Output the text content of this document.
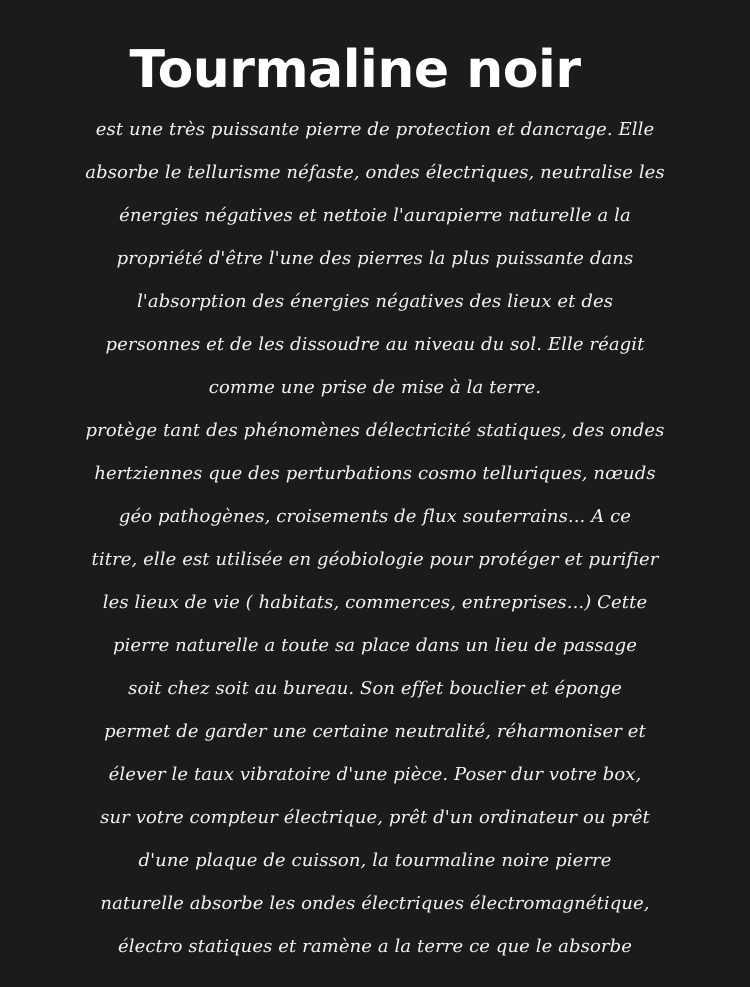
Tourmaline noir
est une très puissante pierre de protection et dancrage. Elle
absorbe le tellurisme néfaste, ondes électriques, neutralise les
énergies négatives et nettoie l'aurapierre naturelle a la
propriété d'être l'une des pierres la plus puissante dans
l'absorption des énergies négatives des lieux et des
personnes et de les dissoudre au niveau du sol. Elle réagit
comme une prise de mise à la terre.
protège tant des phénomènes délectricité statiques, des ondes
hertziennes que des perturbations cosmo telluriques, nœuds
géo pathogènes, croisements de flux souterrains... A ce
titre, elle est utilisée en géobiologie pour protéger et purifier
les lieux de vie ( habitats, commerces, entreprises...) Cette
pierre naturelle a toute sa place dans un lieu de passage
soit chez soit au bureau. Son effet bouclier et éponge
permet de garder une certaine neutralité, réharmoniser et
élever le taux vibratoire d'une pièce. Poser dur votre box,
sur votre compteur électrique, prêt d'un ordinateur ou prêt
d'une plaque de cuisson, la tourmaline noire pierre
naturelle absorbe les ondes électriques électromagnétique,
électro statiques et ramène a la terre ce que le absorbe
